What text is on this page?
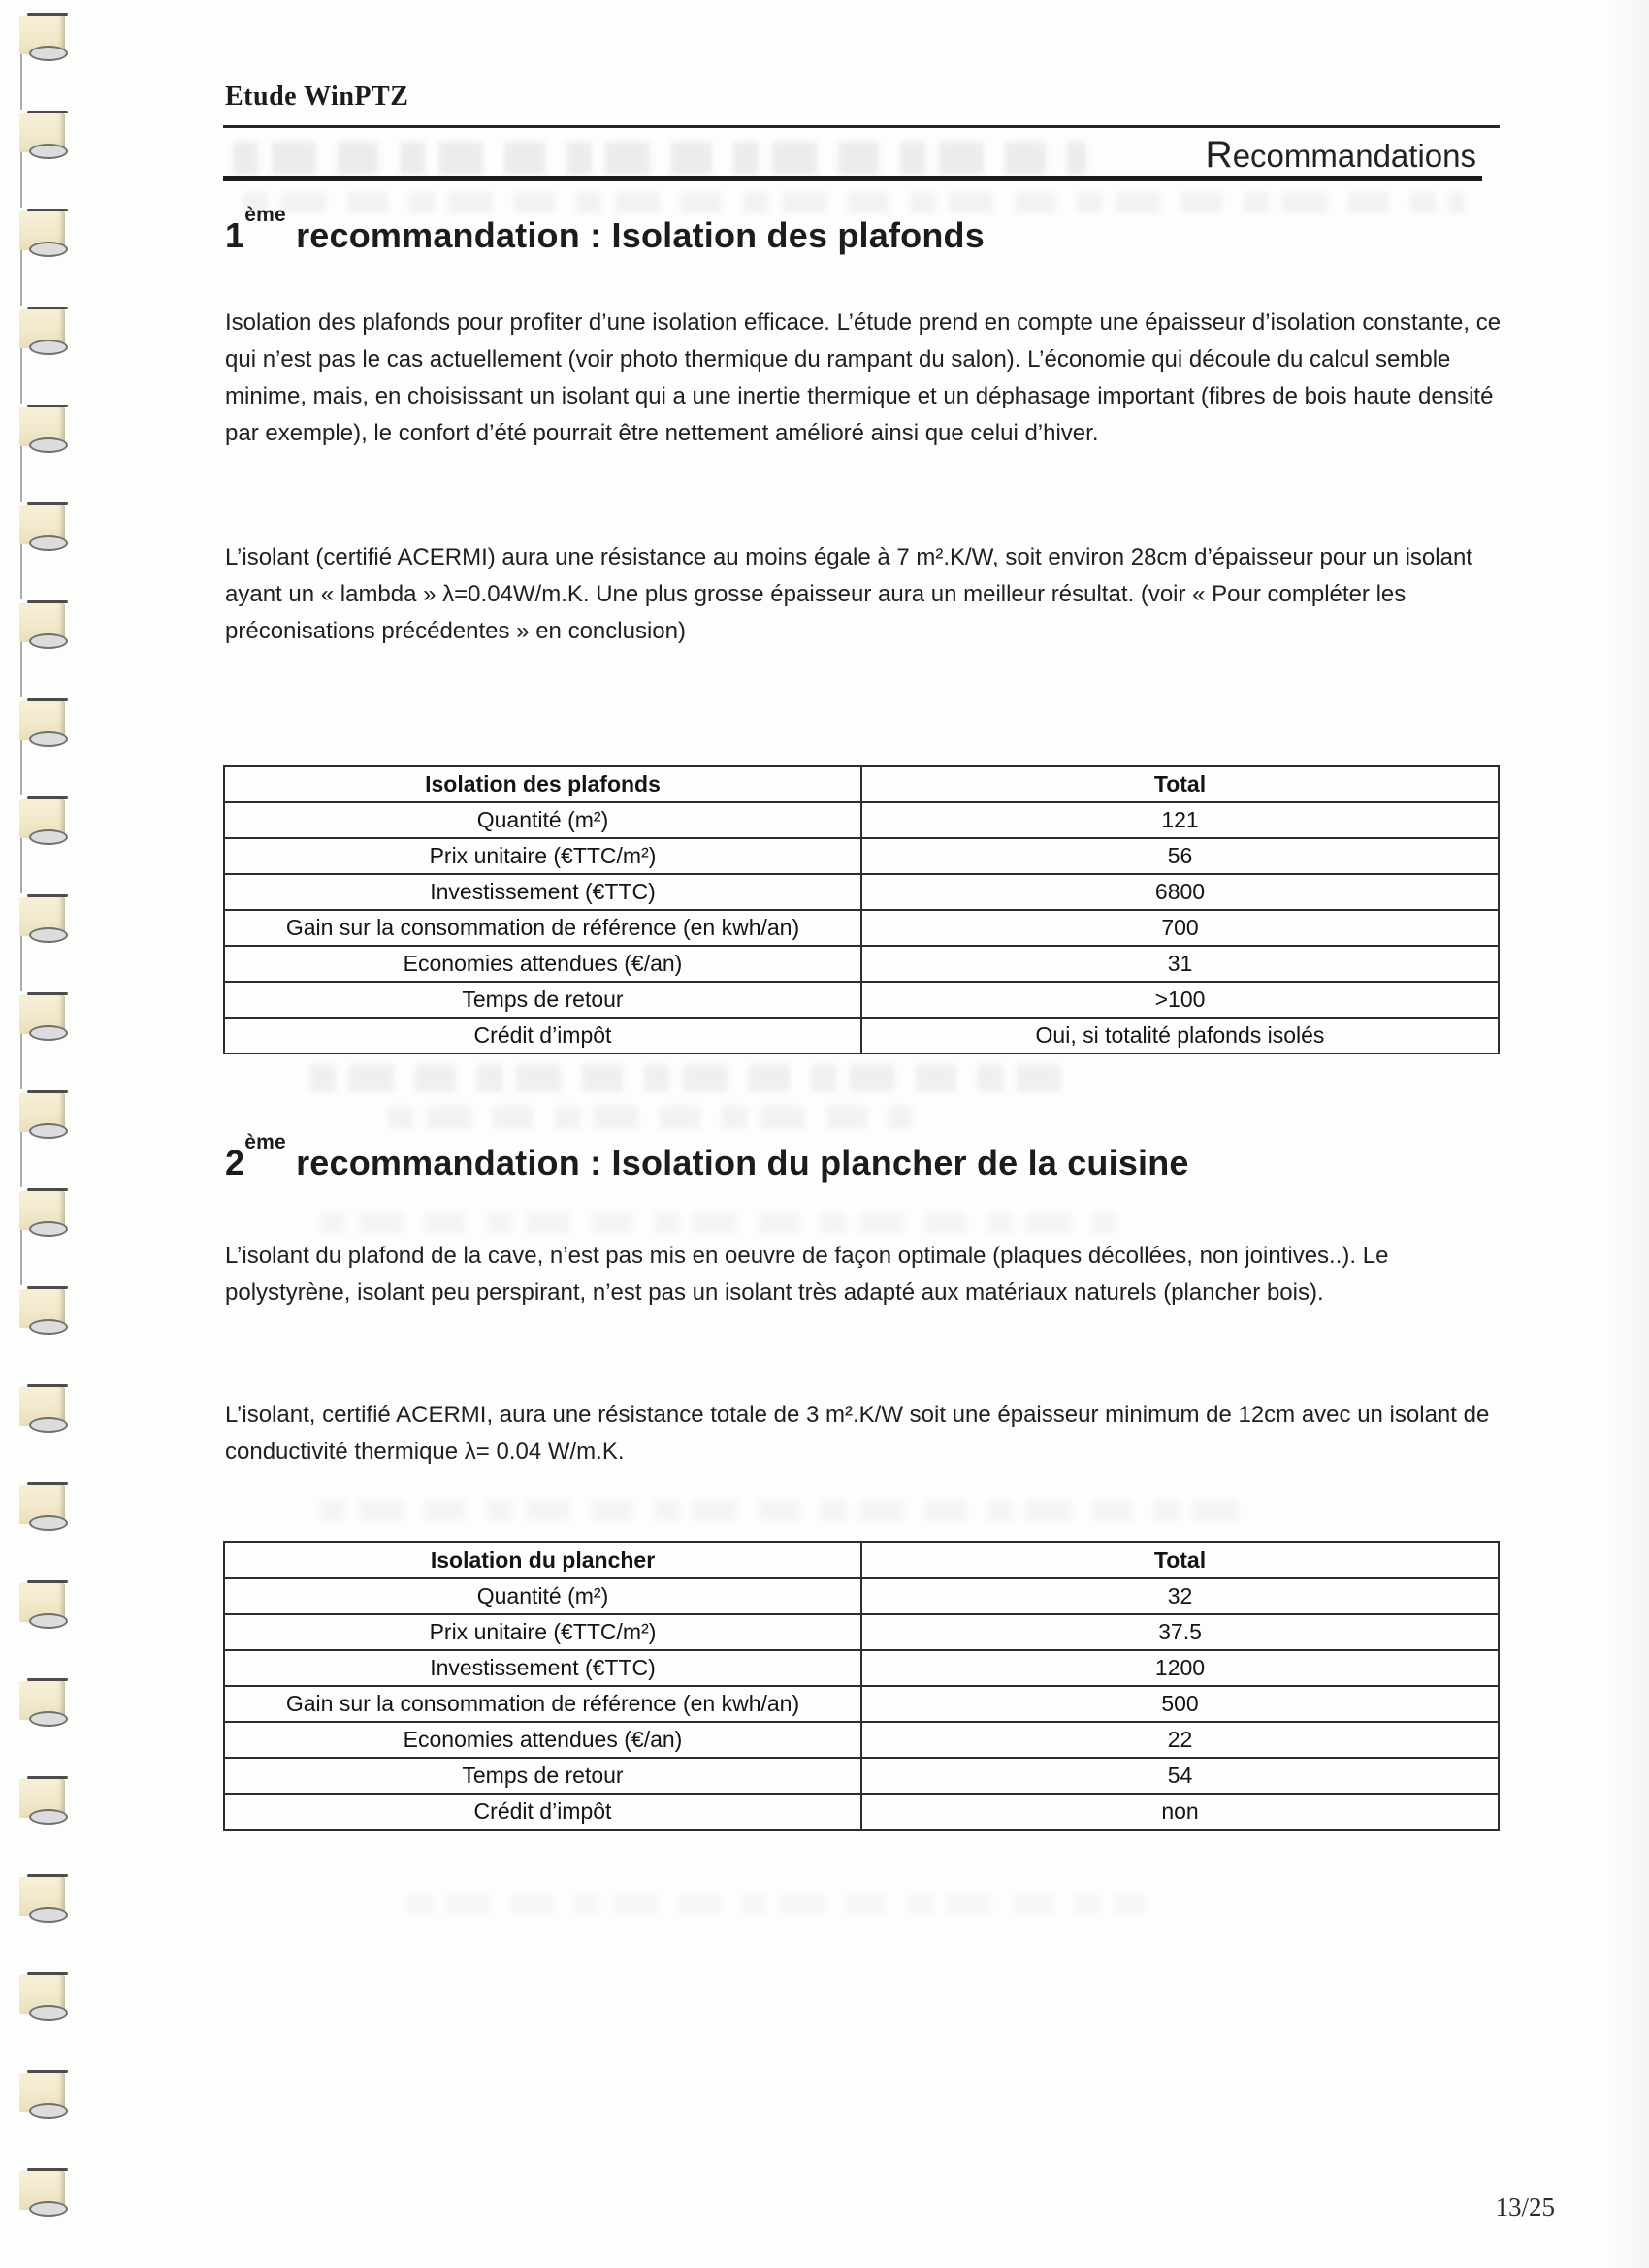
Etude WinPTZ
Recommandations
1ème recommandation : Isolation des plafonds
Isolation des plafonds pour profiter d’une isolation efficace. L’étude prend en compte une épaisseur d’isolation constante, ce qui n’est pas le cas actuellement (voir photo thermique du rampant du salon). L’économie qui découle du calcul semble minime, mais, en choisissant un isolant qui a une inertie thermique et un déphasage important (fibres de bois haute densité par exemple), le confort d’été pourrait être nettement amélioré ainsi que celui d’hiver.
L’isolant (certifié ACERMI) aura une résistance au moins égale à 7 m².K/W, soit environ 28cm d’épaisseur pour un isolant ayant un « lambda » λ=0.04W/m.K. Une plus grosse épaisseur aura un meilleur résultat. (voir « Pour compléter les préconisations précédentes » en conclusion)
Isolation des plafonds	Total
Quantité (m²)	121
Prix unitaire (€TTC/m²)	56
Investissement (€TTC)	6800
Gain sur la consommation de référence (en kwh/an)	700
Economies attendues (€/an)	31
Temps de retour	>100
Crédit d’impôt	Oui, si totalité plafonds isolés
2ème recommandation : Isolation du plancher de la cuisine
L’isolant du plafond de la cave, n’est pas mis en oeuvre de façon optimale (plaques décollées, non jointives..). Le polystyrène, isolant peu perspirant, n’est pas un isolant très adapté aux matériaux naturels (plancher bois).
L’isolant, certifié ACERMI, aura une résistance totale de 3 m².K/W soit une épaisseur minimum de 12cm avec un isolant de conductivité thermique λ= 0.04 W/m.K.
Isolation du plancher	Total
Quantité (m²)	32
Prix unitaire (€TTC/m²)	37.5
Investissement (€TTC)	1200
Gain sur la consommation de référence (en kwh/an)	500
Economies attendues (€/an)	22
Temps de retour	54
Crédit d’impôt	non
13/25
